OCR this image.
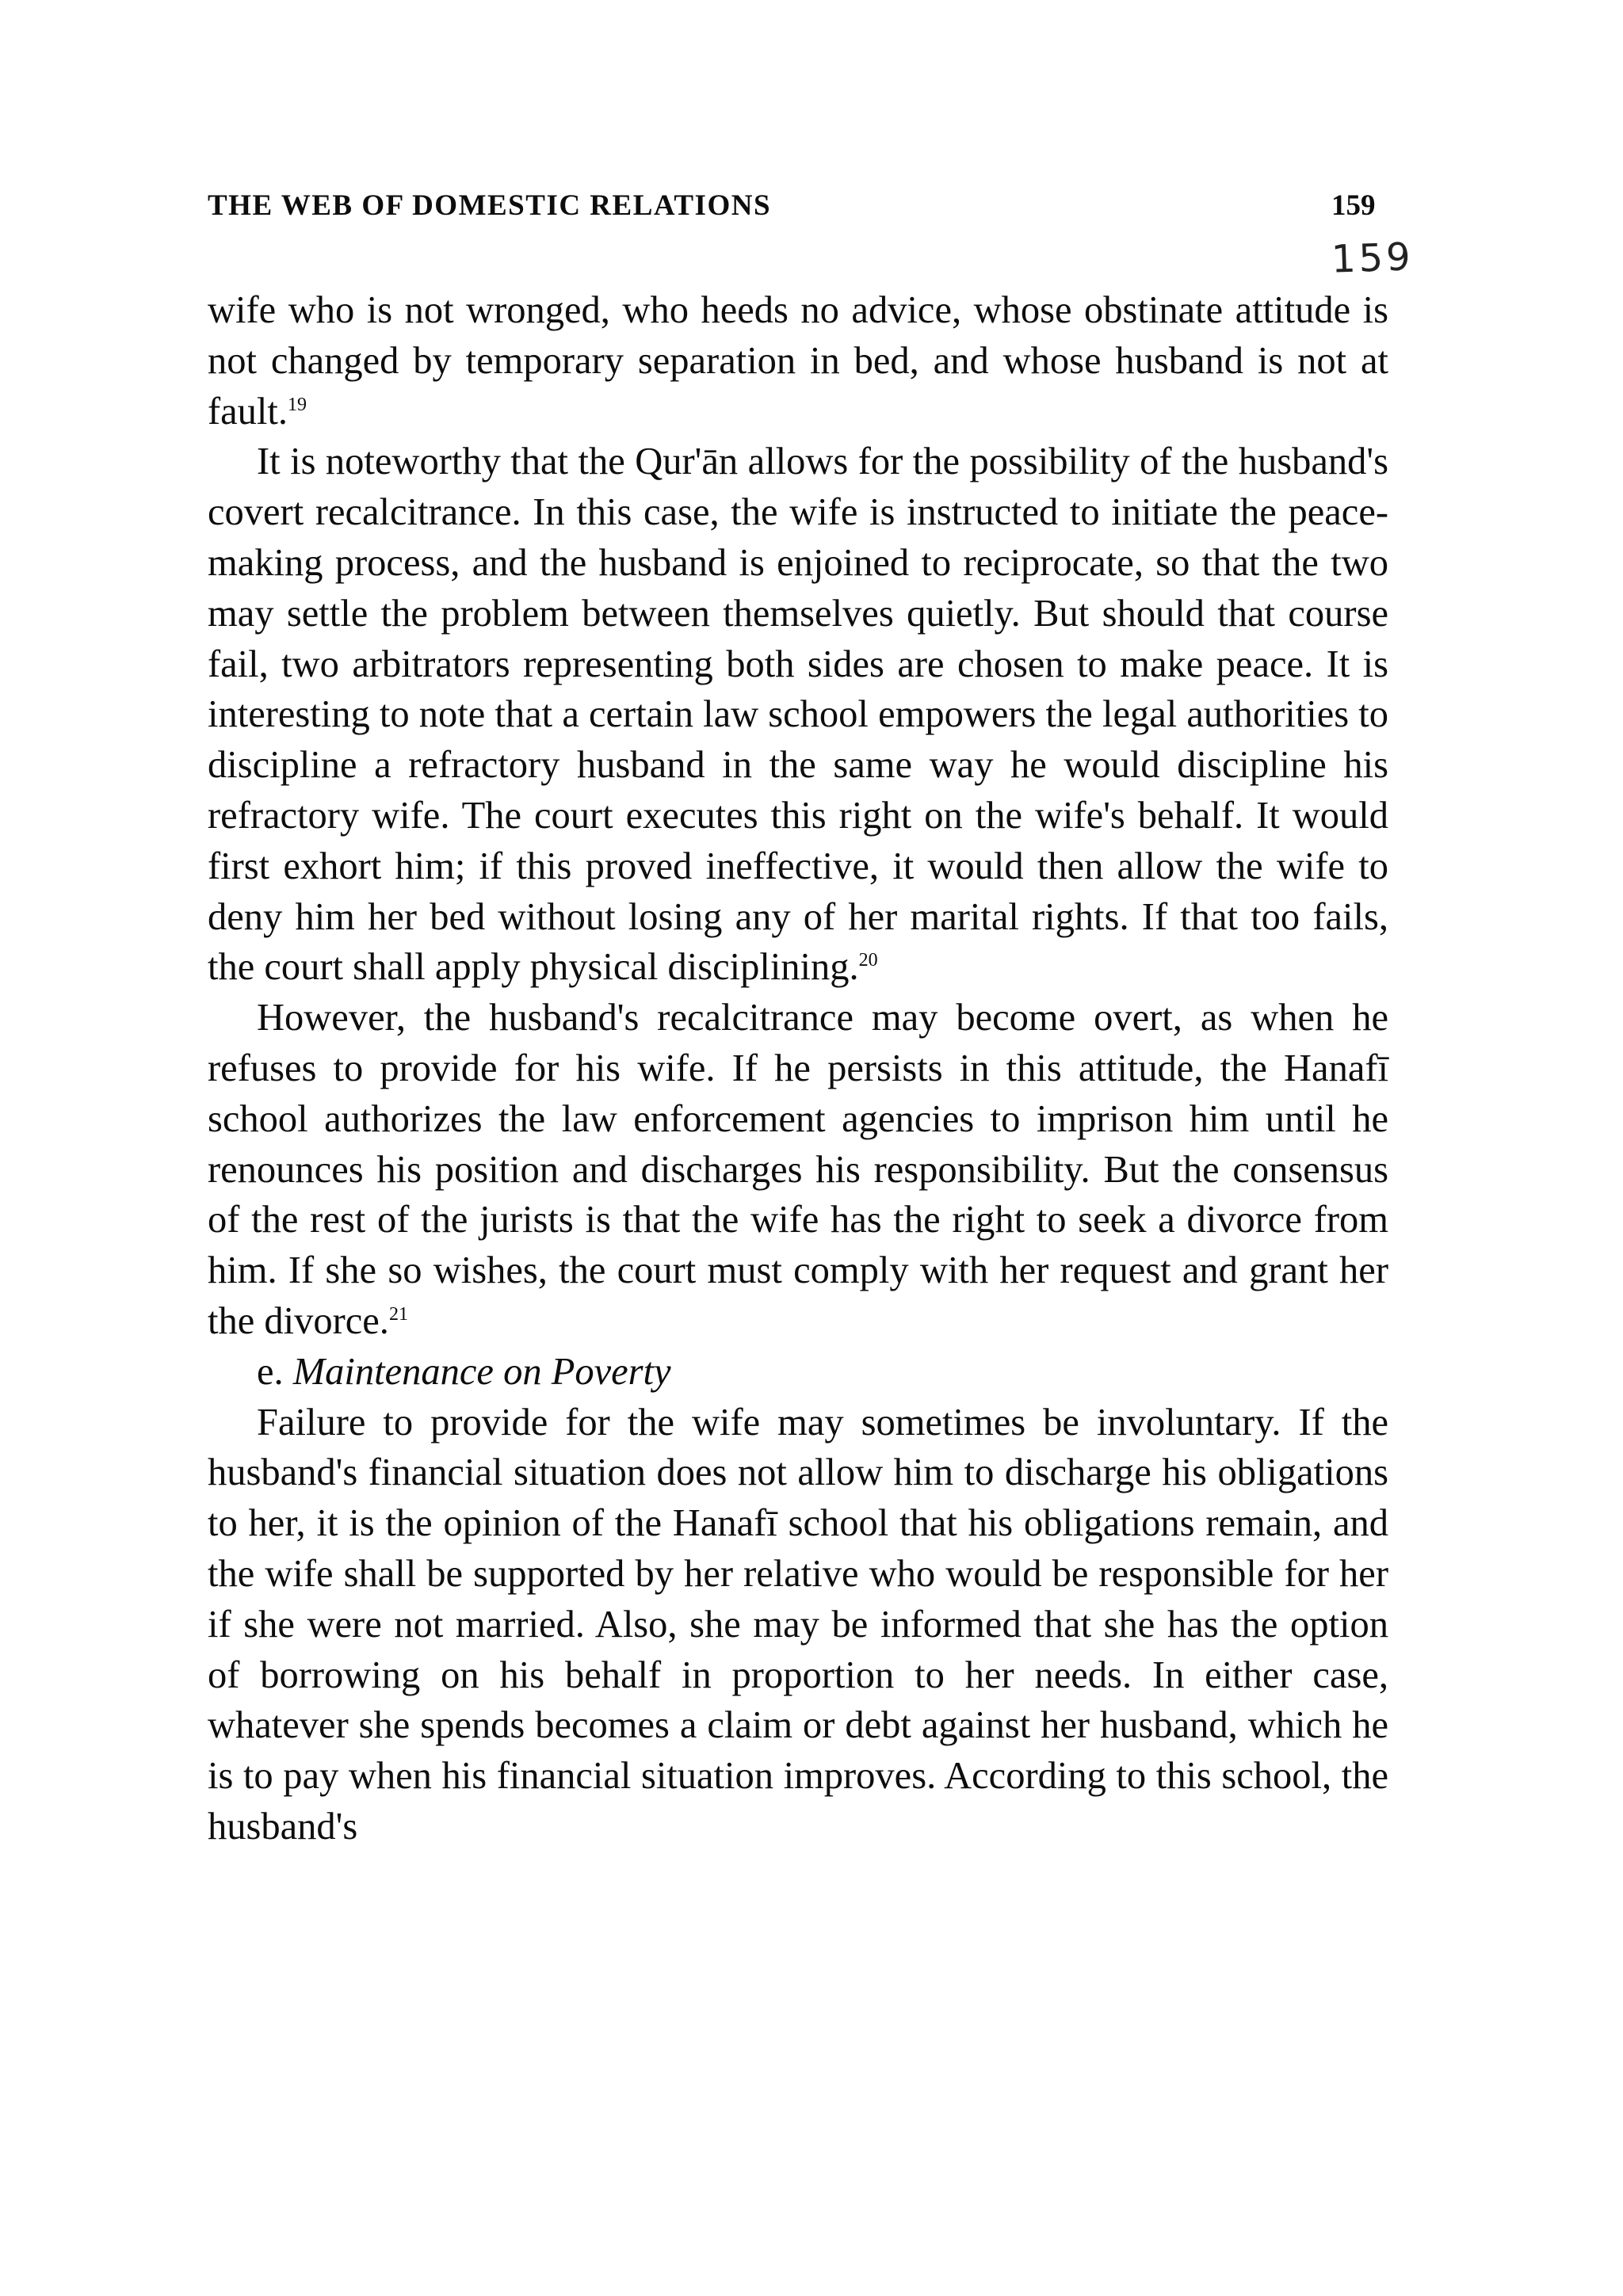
THE WEB OF DOMESTIC RELATIONS	159
159

wife who is not wronged, who heeds no advice, whose obstinate attitude is not changed by temporary separation in bed, and whose husband is not at fault.$^{19}$

It is noteworthy that the Qur'ān allows for the possibility of the husband's covert recalcitrance. In this case, the wife is instructed to initiate the peace-making process, and the husband is enjoined to reciprocate, so that the two may settle the problem between themselves quietly. But should that course fail, two arbitrators representing both sides are chosen to make peace. It is interesting to note that a certain law school empowers the legal authorities to discipline a refractory husband in the same way he would discipline his refractory wife. The court executes this right on the wife's behalf. It would first exhort him; if this proved ineffective, it would then allow the wife to deny him her bed without losing any of her marital rights. If that too fails, the court shall apply physical disciplining.$^{20}$

However, the husband's recalcitrance may become overt, as when he refuses to provide for his wife. If he persists in this attitude, the Hanafī school authorizes the law enforcement agencies to imprison him until he renounces his position and discharges his responsibility. But the consensus of the rest of the jurists is that the wife has the right to seek a divorce from him. If she so wishes, the court must comply with her request and grant her the divorce.$^{21}$

e. Maintenance on Poverty

Failure to provide for the wife may sometimes be involuntary. If the husband's financial situation does not allow him to discharge his obligations to her, it is the opinion of the Hanafī school that his obligations remain, and the wife shall be supported by her relative who would be responsible for her if she were not married. Also, she may be informed that she has the option of borrowing on his behalf in proportion to her needs. In either case, whatever she spends becomes a claim or debt against her husband, which he is to pay when his financial situation improves. According to this school, the husband's
